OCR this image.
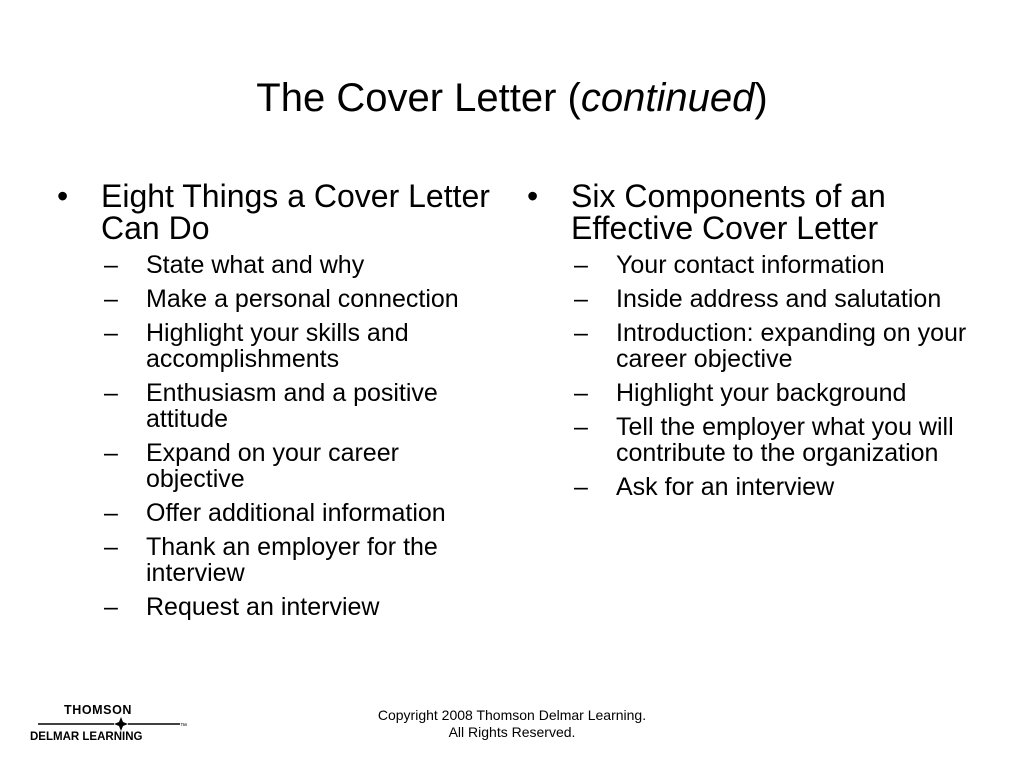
The Cover Letter (continued)
• Eight Things a Cover Letter Can Do
– State what and why
– Make a personal connection
– Highlight your skills and accomplishments
– Enthusiasm and a positive attitude
– Expand on your career objective
– Offer additional information
– Thank an employer for the interview
– Request an interview
• Six Components of an Effective Cover Letter
– Your contact information
– Inside address and salutation
– Introduction: expanding on your career objective
– Highlight your background
– Tell the employer what you will contribute to the organization
– Ask for an interview
THOMSON
™
DELMAR LEARNING
Copyright 2008 Thomson Delmar Learning.
All Rights Reserved.
